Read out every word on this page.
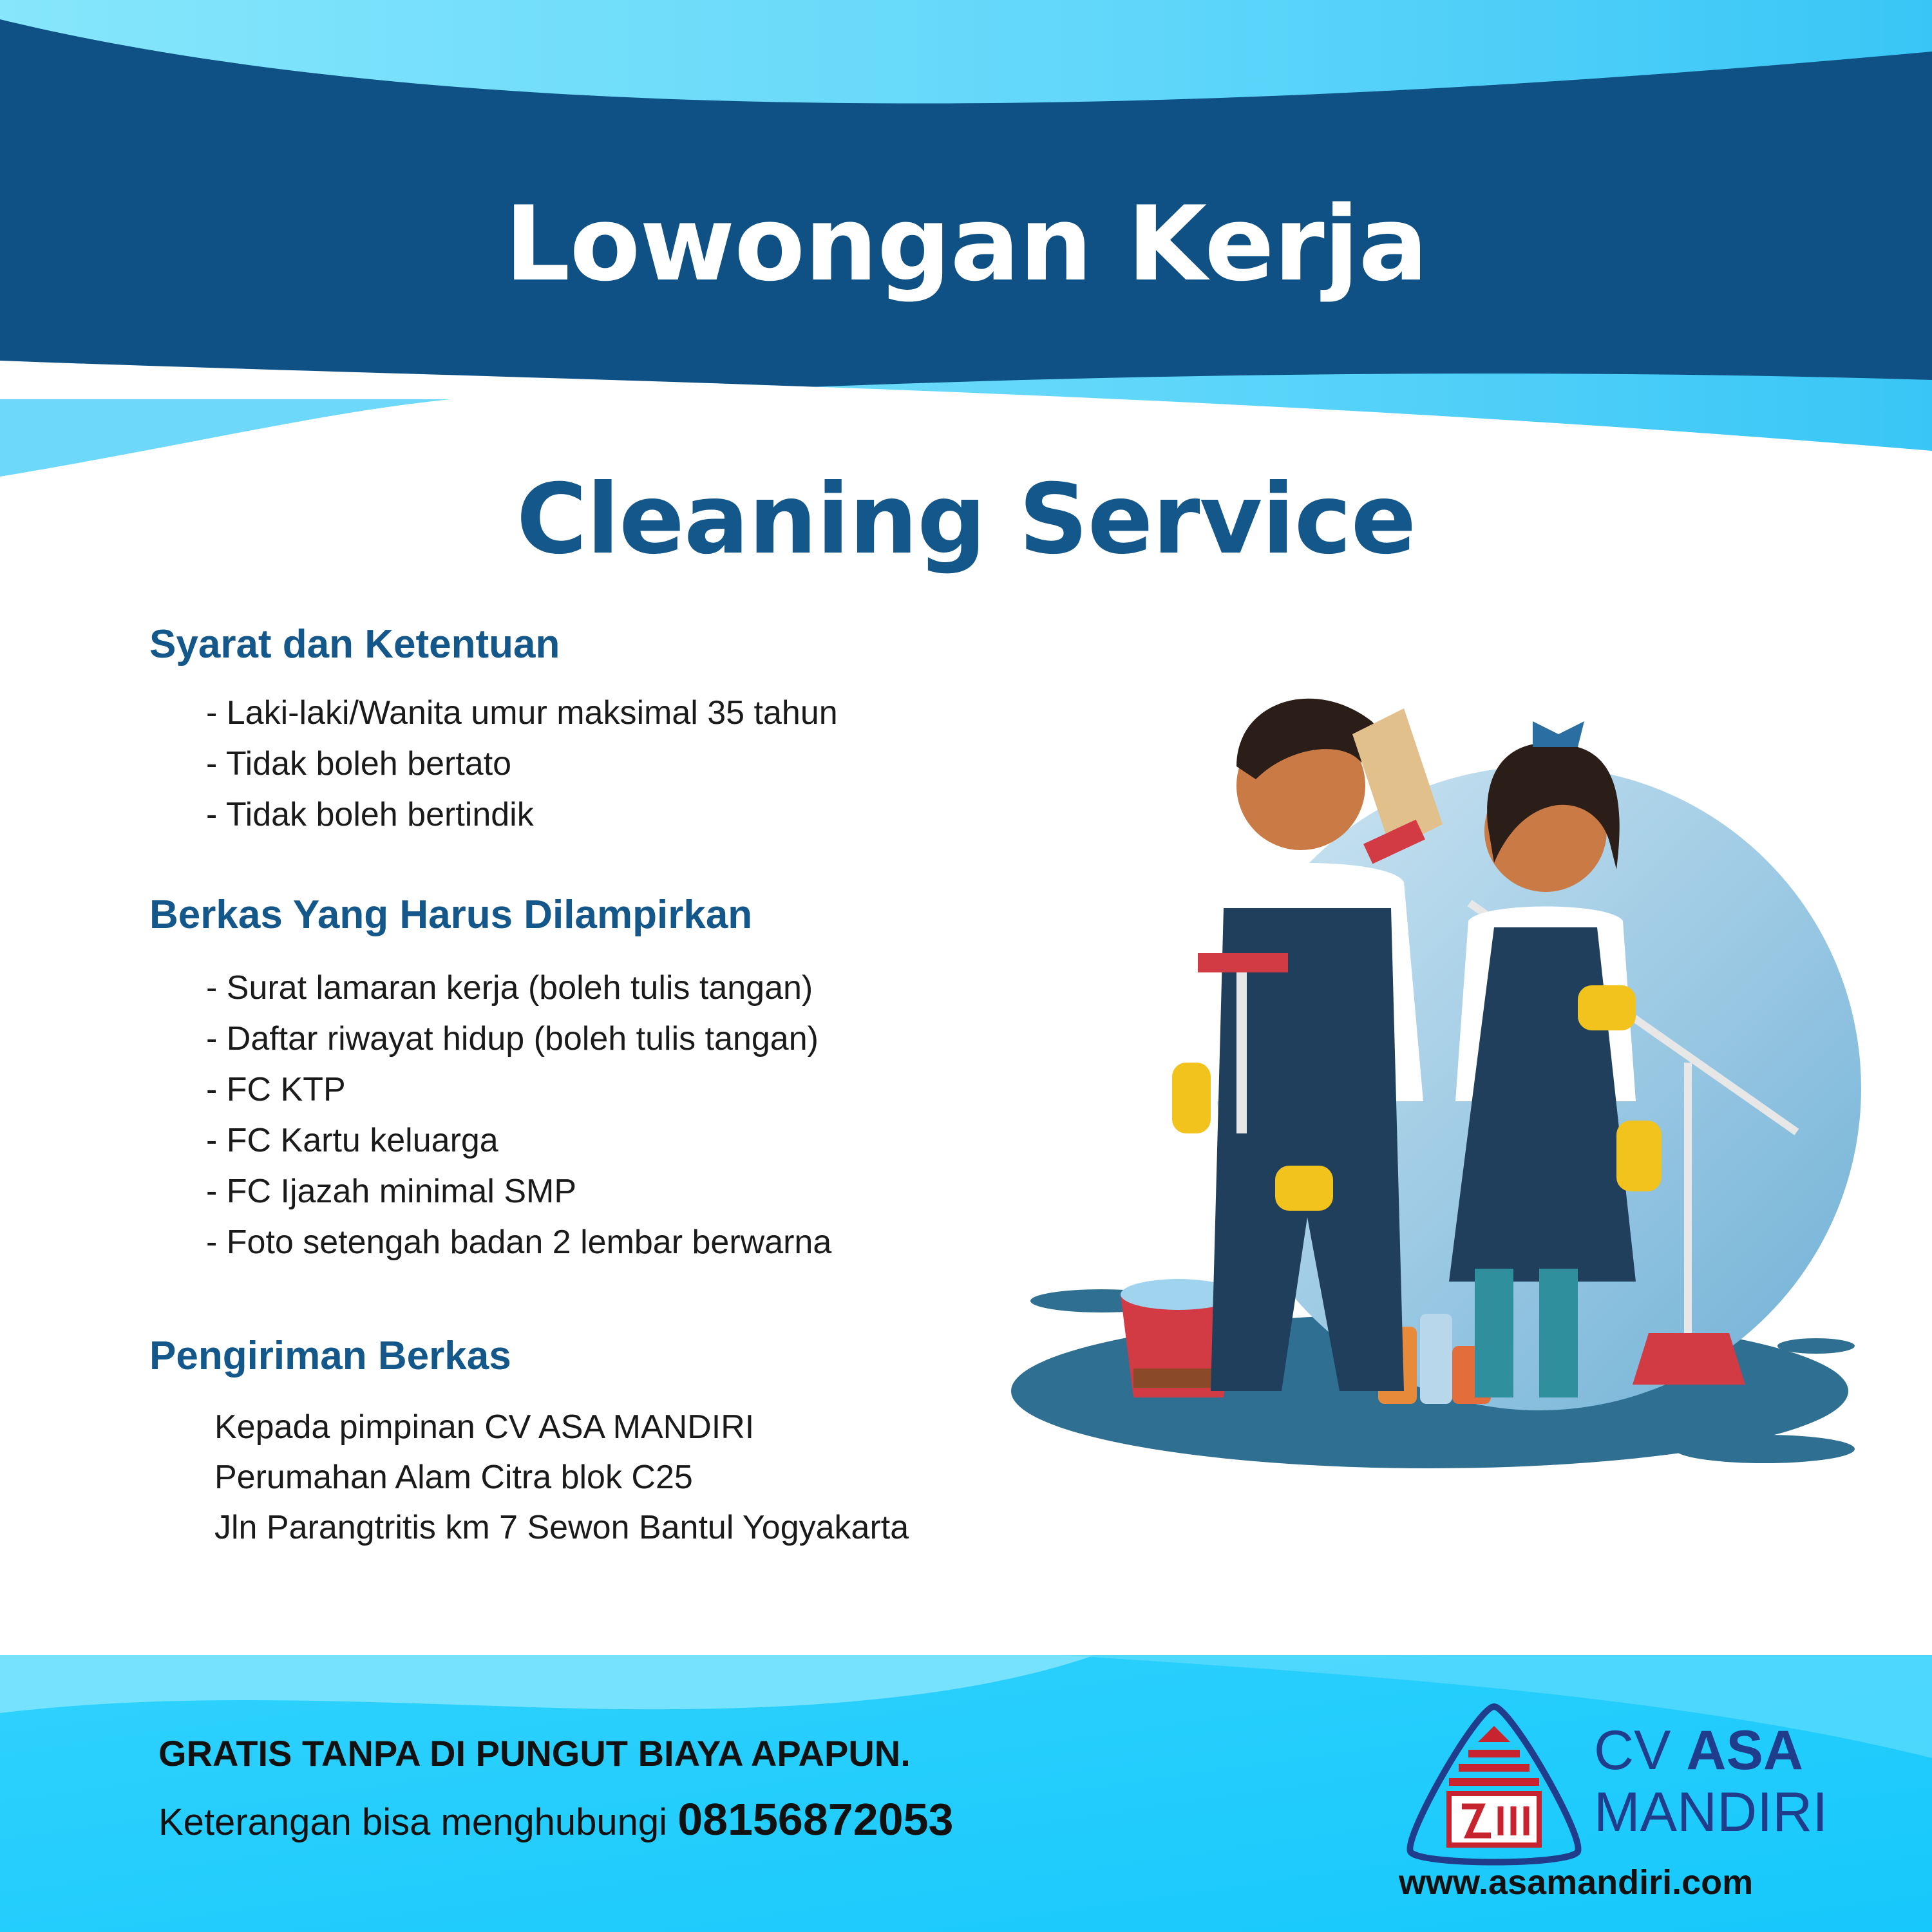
Lowongan Kerja
Cleaning Service
Syarat dan Ketentuan
- Laki-laki/Wanita umur maksimal 35 tahun
- Tidak boleh bertato
- Tidak boleh bertindik
Berkas Yang Harus Dilampirkan
- Surat lamaran kerja (boleh tulis tangan)
- Daftar riwayat hidup (boleh tulis tangan)
- FC KTP
- FC Kartu keluarga
- FC Ijazah minimal SMP
- Foto setengah badan 2 lembar berwarna
Pengiriman Berkas
Kepada pimpinan CV ASA MANDIRI
Perumahan Alam Citra blok C25
Jln Parangtritis km 7 Sewon Bantul Yogyakarta

GRATIS TANPA DI PUNGUT BIAYA APAPUN.

Keterangan bisa menghubungi 08156872053

CV ASA
MANDIRI

www.asamandiri.com
